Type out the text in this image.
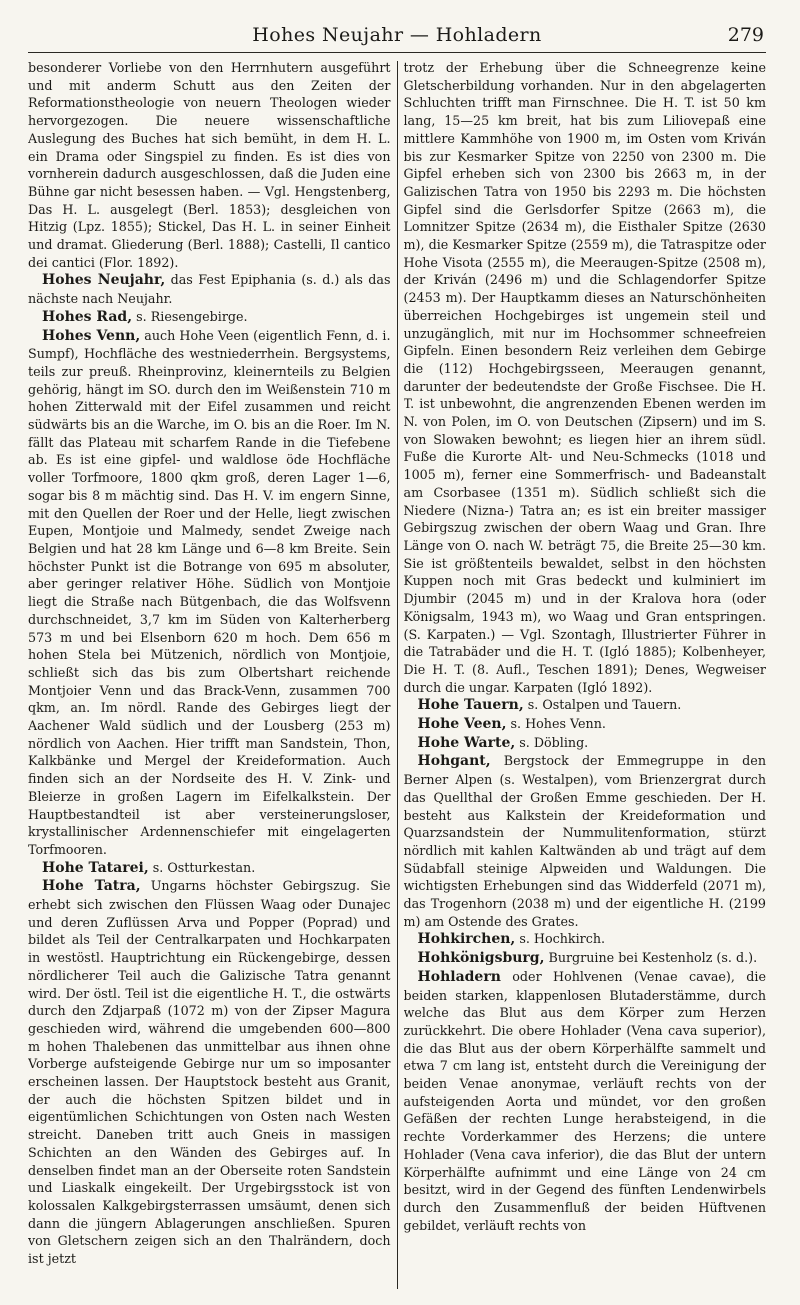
Hohes Neujahr — Hohladern	279

besonderer Vorliebe von den Herrnhutern ausgeführt und mit anderm Schutt aus den Zeiten der Reformationstheologie von neuern Theologen wieder hervorgezogen. Die neuere wissenschaftliche Auslegung des Buches hat sich bemüht, in dem H. L. ein Drama oder Singspiel zu finden. Es ist dies von vornherein dadurch ausgeschlossen, daß die Juden eine Bühne gar nicht besessen haben. — Vgl. Hengstenberg, Das H. L. ausgelegt (Berl. 1853); desgleichen von Hitzig (Lpz. 1855); Stickel, Das H. L. in seiner Einheit und dramat. Gliederung (Berl. 1888); Castelli, Il cantico dei cantici (Flor. 1892).

Hohes Neujahr, das Fest Epiphania (s. d.) als das nächste nach Neujahr.

Hohes Rad, s. Riesengebirge.

Hohes Venn, auch Hohe Veen (eigentlich Fenn, d. i. Sumpf), Hochfläche des westniederrhein. Bergsystems, teils zur preuß. Rheinprovinz, kleinernteils zu Belgien gehörig, hängt im SO. durch den im Weißenstein 710 m hohen Zitterwald mit der Eifel zusammen und reicht südwärts bis an die Warche, im O. bis an die Roer. Im N. fällt das Plateau mit scharfem Rande in die Tiefebene ab. Es ist eine gipfel- und waldlose öde Hochfläche voller Torfmoore, 1800 qkm groß, deren Lager 1—6, sogar bis 8 m mächtig sind. Das H. V. im engern Sinne, mit den Quellen der Roer und der Helle, liegt zwischen Eupen, Montjoie und Malmedy, sendet Zweige nach Belgien und hat 28 km Länge und 6—8 km Breite. Sein höchster Punkt ist die Botrange von 695 m absoluter, aber geringer relativer Höhe. Südlich von Montjoie liegt die Straße nach Bütgenbach, die das Wolfsvenn durchschneidet, 3,7 km im Süden von Kalterherberg 573 m und bei Elsenborn 620 m hoch. Dem 656 m hohen Stela bei Mützenich, nördlich von Montjoie, schließt sich das bis zum Olbertshart reichende Montjoier Venn und das Brack-Venn, zusammen 700 qkm, an. Im nördl. Rande des Gebirges liegt der Aachener Wald südlich und der Lousberg (253 m) nördlich von Aachen. Hier trifft man Sandstein, Thon, Kalkbänke und Mergel der Kreideformation. Auch finden sich an der Nordseite des H. V. Zink- und Bleierze in großen Lagern im Eifelkalkstein. Der Hauptbestandteil ist aber versteinerungsloser, krystallinischer Ardennenschiefer mit eingelagerten Torfmooren.

Hohe Tatarei, s. Ostturkestan.

Hohe Tatra, Ungarns höchster Gebirgszug. Sie erhebt sich zwischen den Flüssen Waag oder Dunajec und deren Zuflüssen Arva und Popper (Poprad) und bildet als Teil der Centralkarpaten und Hochkarpaten in westöstl. Hauptrichtung ein Rückengebirge, dessen nördlicherer Teil auch die Galizische Tatra genannt wird. Der östl. Teil ist die eigentliche H. T., die ostwärts durch den Zdjarpaß (1072 m) von der Zipser Magura geschieden wird, während die umgebenden 600—800 m hohen Thalebenen das unmittelbar aus ihnen ohne Vorberge aufsteigende Gebirge nur um so imposanter erscheinen lassen. Der Hauptstock besteht aus Granit, der auch die höchsten Spitzen bildet und in eigentümlichen Schichtungen von Osten nach Westen streicht. Daneben tritt auch Gneis in massigen Schichten an den Wänden des Gebirges auf. In denselben findet man an der Oberseite roten Sandstein und Liaskalk eingekeilt. Der Urgebirgsstock ist von kolossalen Kalkgebirgsterrassen umsäumt, denen sich dann die jüngern Ablagerungen anschließen. Spuren von Gletschern zeigen sich an den Thalrändern, doch ist jetzt

trotz der Erhebung über die Schneegrenze keine Gletscherbildung vorhanden. Nur in den abgelagerten Schluchten trifft man Firnschnee. Die H. T. ist 50 km lang, 15—25 km breit, hat bis zum Liliovepaß eine mittlere Kammhöhe von 1900 m, im Osten vom Kriván bis zur Kesmarker Spitze von 2250 von 2300 m. Die Gipfel erheben sich von 2300 bis 2663 m, in der Galizischen Tatra von 1950 bis 2293 m. Die höchsten Gipfel sind die Gerlsdorfer Spitze (2663 m), die Lomnitzer Spitze (2634 m), die Eisthaler Spitze (2630 m), die Kesmarker Spitze (2559 m), die Tatraspitze oder Hohe Visota (2555 m), die Meeraugen-Spitze (2508 m), der Kriván (2496 m) und die Schlagendorfer Spitze (2453 m). Der Hauptkamm dieses an Naturschönheiten überreichen Hochgebirges ist ungemein steil und unzugänglich, mit nur im Hochsommer schneefreien Gipfeln. Einen besondern Reiz verleihen dem Gebirge die (112) Hochgebirgsseen, Meeraugen genannt, darunter der bedeutendste der Große Fischsee. Die H. T. ist unbewohnt, die angrenzenden Ebenen werden im N. von Polen, im O. von Deutschen (Zipsern) und im S. von Slowaken bewohnt; es liegen hier an ihrem südl. Fuße die Kurorte Alt- und Neu-Schmecks (1018 und 1005 m), ferner eine Sommerfrisch- und Badeanstalt am Csorbasee (1351 m). Südlich schließt sich die Niedere (Nizna-) Tatra an; es ist ein breiter massiger Gebirgszug zwischen der obern Waag und Gran. Ihre Länge von O. nach W. beträgt 75, die Breite 25—30 km. Sie ist größtenteils bewaldet, selbst in den höchsten Kuppen noch mit Gras bedeckt und kulminiert im Djumbir (2045 m) und in der Kralova hora (oder Königsalm, 1943 m), wo Waag und Gran entspringen. (S. Karpaten.) — Vgl. Szontagh, Illustrierter Führer in die Tatrabäder und die H. T. (Igló 1885); Kolbenheyer, Die H. T. (8. Aufl., Teschen 1891); Denes, Wegweiser durch die ungar. Karpaten (Igló 1892).

Hohe Tauern, s. Ostalpen und Tauern.

Hohe Veen, s. Hohes Venn.

Hohe Warte, s. Döbling.

Hohgant, Bergstock der Emmegruppe in den Berner Alpen (s. Westalpen), vom Brienzergrat durch das Quellthal der Großen Emme geschieden. Der H. besteht aus Kalkstein der Kreideformation und Quarzsandstein der Nummulitenformation, stürzt nördlich mit kahlen Kaltwänden ab und trägt auf dem Südabfall steinige Alpweiden und Waldungen. Die wichtigsten Erhebungen sind das Widderfeld (2071 m), das Trogenhorn (2038 m) und der eigentliche H. (2199 m) am Ostende des Grates.

Hohkirchen, s. Hochkirch.

Hohkönigsburg, Burgruine bei Kestenholz (s. d.).

Hohladern oder Hohlvenen (Venae cavae), die beiden starken, klappenlosen Blutaderstämme, durch welche das Blut aus dem Körper zum Herzen zurückkehrt. Die obere Hohlader (Vena cava superior), die das Blut aus der obern Körperhälfte sammelt und etwa 7 cm lang ist, entsteht durch die Vereinigung der beiden Venae anonymae, verläuft rechts von der aufsteigenden Aorta und mündet, vor den großen Gefäßen der rechten Lunge herabsteigend, in die rechte Vorderkammer des Herzens; die untere Hohlader (Vena cava inferior), die das Blut der untern Körperhälfte aufnimmt und eine Länge von 24 cm besitzt, wird in der Gegend des fünften Lendenwirbels durch den Zusammenfluß der beiden Hüftvenen gebildet, verläuft rechts von
